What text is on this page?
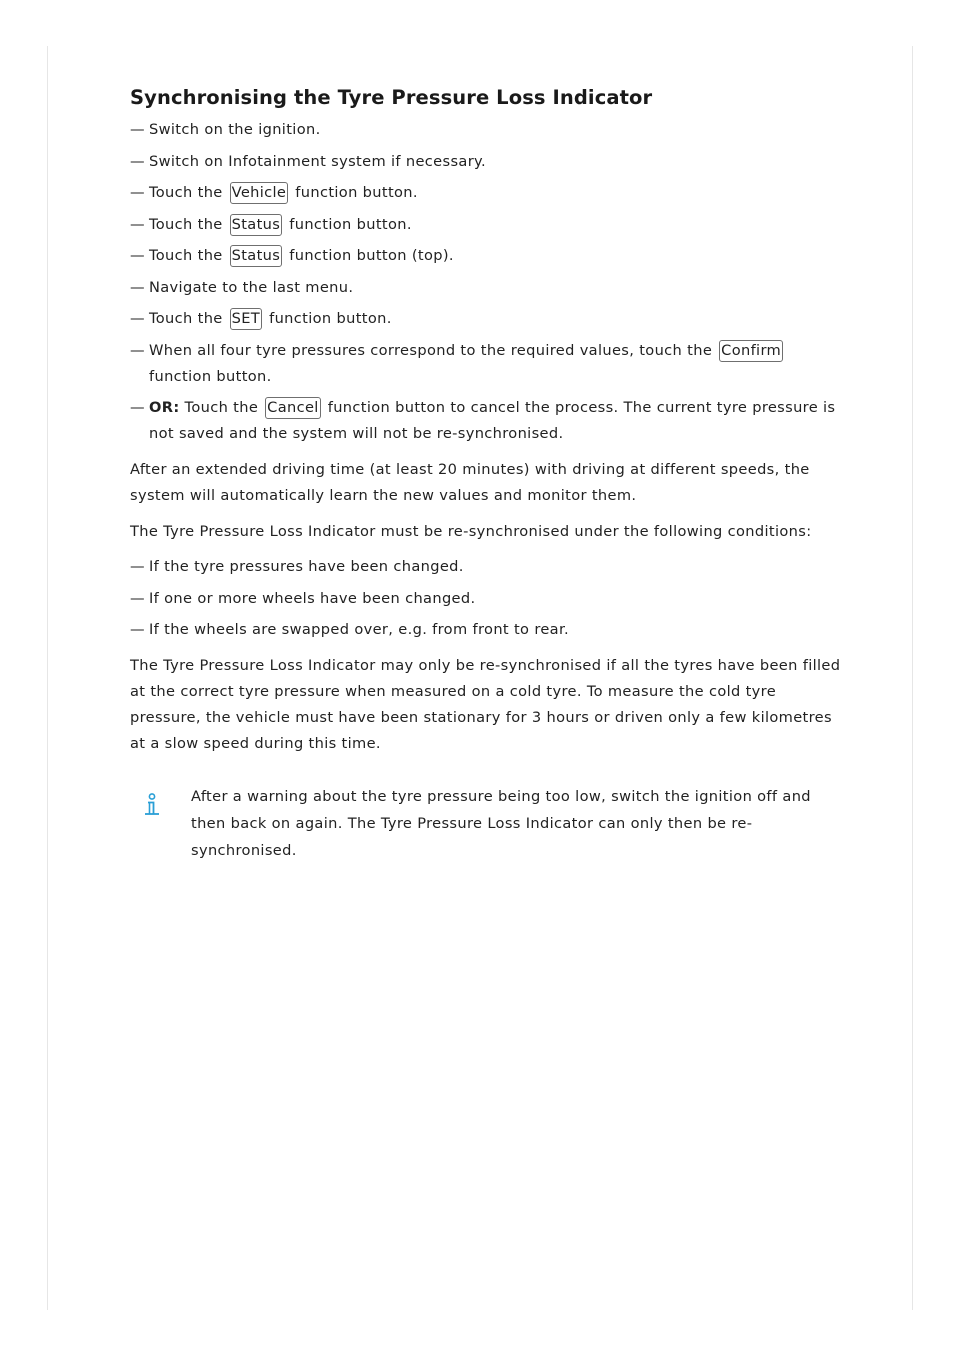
Synchronising the Tyre Pressure Loss Indicator
— Switch on the ignition.
— Switch on Infotainment system if necessary.
— Touch the Vehicle function button.
— Touch the Status function button.
— Touch the Status function button (top).
— Navigate to the last menu.
— Touch the SET function button.
— When all four tyre pressures correspond to the required values, touch the Confirm function button.
— OR: Touch the Cancel function button to cancel the process. The current tyre pressure is not saved and the system will not be re-synchronised.

After an extended driving time (at least 20 minutes) with driving at different speeds, the system will automatically learn the new values and monitor them.

The Tyre Pressure Loss Indicator must be re-synchronised under the following conditions:

— If the tyre pressures have been changed.
— If one or more wheels have been changed.
— If the wheels are swapped over, e.g. from front to rear.

The Tyre Pressure Loss Indicator may only be re-synchronised if all the tyres have been filled at the correct tyre pressure when measured on a cold tyre. To measure the cold tyre pressure, the vehicle must have been stationary for 3 hours or driven only a few kilometres at a slow speed during this time.

After a warning about the tyre pressure being too low, switch the ignition off and then back on again. The Tyre Pressure Loss Indicator can only then be re-synchronised.
